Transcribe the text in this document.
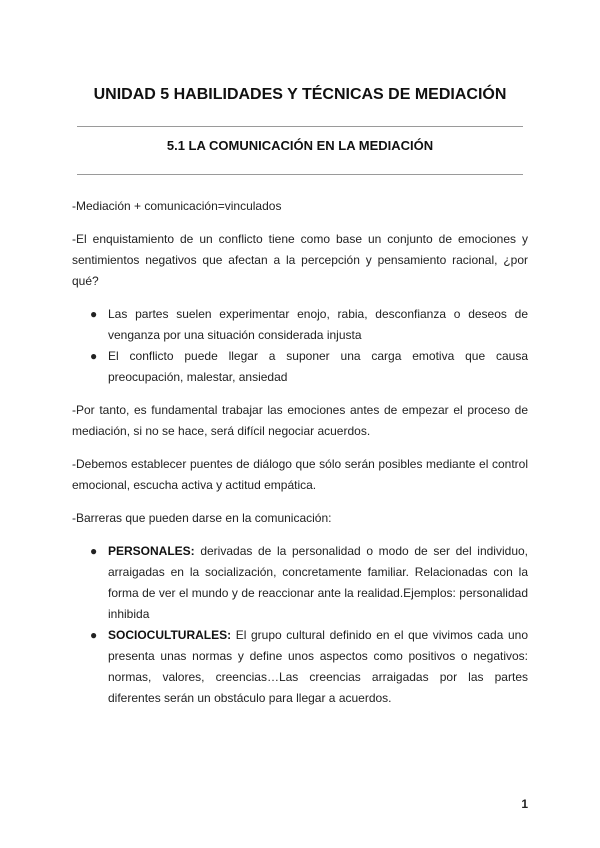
UNIDAD 5 HABILIDADES Y TÉCNICAS DE MEDIACIÓN
5.1 LA COMUNICACIÓN EN LA MEDIACIÓN

-Mediación + comunicación=vinculados

-El enquistamiento de un conflicto tiene como base un conjunto de emociones y sentimientos negativos que afectan a la percepción y pensamiento racional, ¿por qué?

● Las partes suelen experimentar enojo, rabia, desconfianza o deseos de venganza por una situación considerada injusta
● El conflicto puede llegar a suponer una carga emotiva que causa preocupación, malestar, ansiedad

-Por tanto, es fundamental trabajar las emociones antes de empezar el proceso de mediación, si no se hace, será difícil negociar acuerdos.

-Debemos establecer puentes de diálogo que sólo serán posibles mediante el control emocional, escucha activa y actitud empática.

-Barreras que pueden darse en la comunicación:

● PERSONALES: derivadas de la personalidad o modo de ser del individuo, arraigadas en la socialización, concretamente familiar. Relacionadas con la forma de ver el mundo y de reaccionar ante la realidad.Ejemplos: personalidad inhibida
● SOCIOCULTURALES: El grupo cultural definido en el que vivimos cada uno presenta unas normas y define unos aspectos como positivos o negativos: normas, valores, creencias…Las creencias arraigadas por las partes diferentes serán un obstáculo para llegar a acuerdos.
1
